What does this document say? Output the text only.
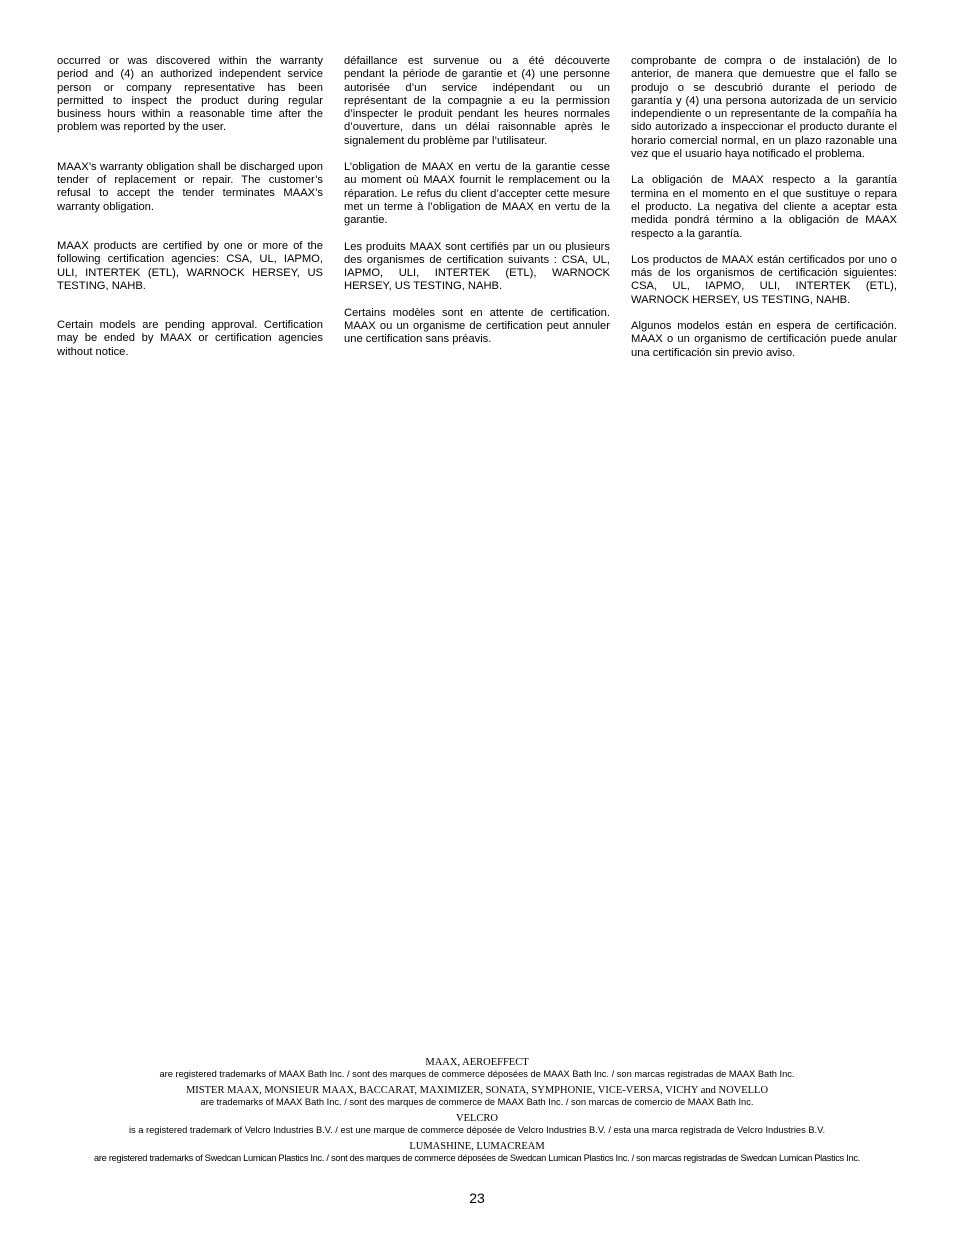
occurred or was discovered within the warranty period and (4) an authorized independent service person or company representative has been permitted to inspect the product during regular business hours within a reasonable time after the problem was reported by the user.

MAAX’s warranty obligation shall be discharged upon tender of replacement or repair. The customer’s refusal to accept the tender terminates MAAX’s warranty obligation.

MAAX products are certified by one or more of the following certification agencies: CSA, UL, IAPMO, ULI, INTERTEK (ETL), WARNOCK HERSEY, US TESTING, NAHB.

Certain models are pending approval. Certification may be ended by MAAX or certification agencies without notice.

défaillance est survenue ou a été découverte pendant la période de garantie et (4) une personne autorisée d’un service indépendant ou un représentant de la compagnie a eu la permission d’inspecter le produit pendant les heures normales d’ouverture, dans un délai raisonnable après le signalement du problème par l’utilisateur.

L’obligation de MAAX en vertu de la garantie cesse au moment où MAAX fournit le remplacement ou la réparation. Le refus du client d’accepter cette mesure met un terme à l’obligation de MAAX en vertu de la garantie.

Les produits MAAX sont certifiés par un ou plusieurs des organismes de certification suivants : CSA, UL, IAPMO, ULI, INTERTEK (ETL), WARNOCK HERSEY, US TESTING, NAHB.

Certains modèles sont en attente de certification. MAAX ou un organisme de certification peut annuler une certification sans préavis.

comprobante de compra o de instalación) de lo anterior, de manera que demuestre que el fallo se produjo o se descubrió durante el periodo de garantía y (4) una persona autorizada de un servicio independiente o un representante de la compañía ha sido autorizado a inspeccionar el producto durante el horario comercial normal, en un plazo razonable una vez que el usuario haya notificado el problema.

La obligación de MAAX respecto a la garantía termina en el momento en el que sustituye o repara el producto. La negativa del cliente a aceptar esta medida pondrá término a la obligación de MAAX respecto a la garantía.

Los productos de MAAX están certificados por uno o más de los organismos de certificación siguientes: CSA, UL, IAPMO, ULI, INTERTEK (ETL), WARNOCK HERSEY, US TESTING, NAHB.

Algunos modelos están en espera de certificación. MAAX o un organismo de certificación puede anular una certificación sin previo aviso.

MAAX, AEROEFFECT
are registered trademarks of MAAX Bath Inc. / sont des marques de commerce déposées de MAAX Bath Inc. / son marcas registradas de MAAX Bath Inc.
MISTER MAAX, MONSIEUR MAAX, BACCARAT, MAXIMIZER, SONATA, SYMPHONIE, VICE-VERSA, VICHY and NOVELLO
are trademarks of MAAX Bath Inc. / sont des marques de commerce de MAAX Bath Inc. / son marcas de comercio de MAAX Bath Inc.
VELCRO
is a registered trademark of Velcro Industries B.V. / est une marque de commerce déposée de Velcro Industries B.V. / esta una marca registrada de Velcro Industries B.V.
LUMASHINE, LUMACREAM
are registered trademarks of Swedcan Lumican Plastics Inc. / sont des marques de commerce déposées de Swedcan Lumican Plastics Inc. / son marcas registradas de Swedcan Lumican Plastics Inc.
23
